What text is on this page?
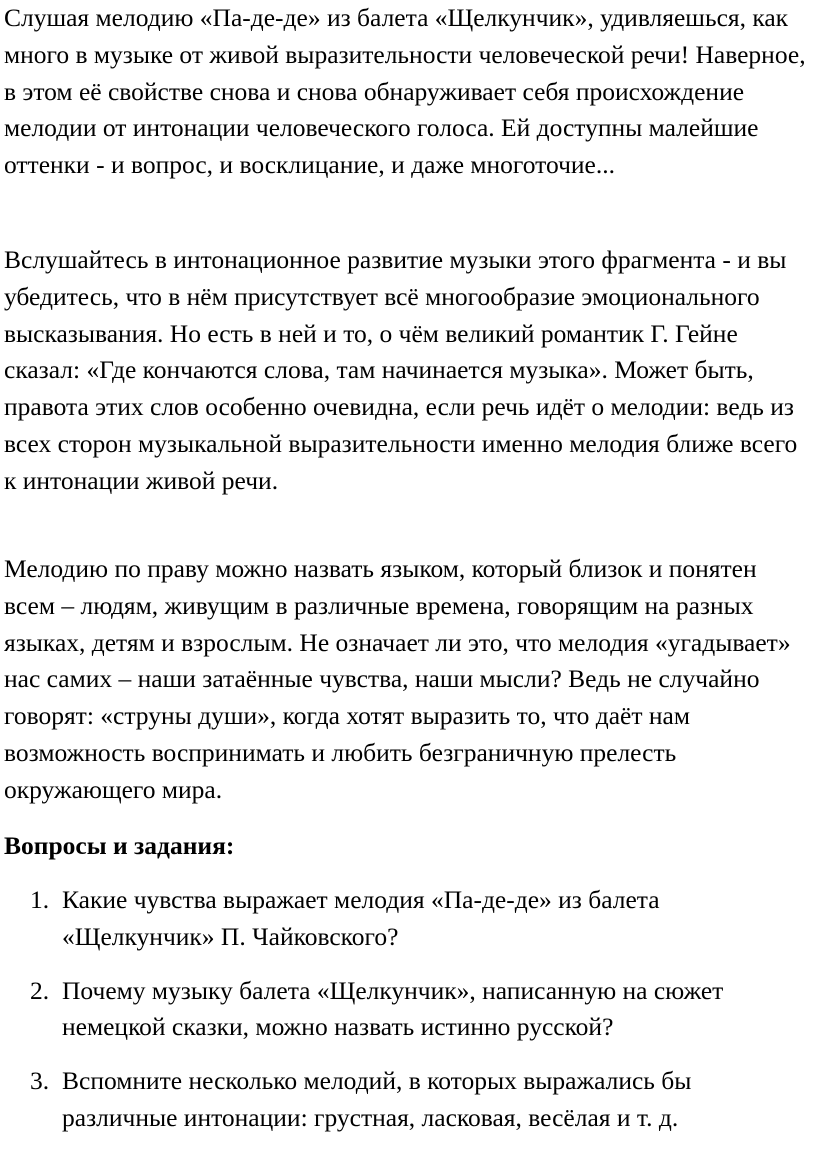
Слушая мелодию «Па-де-де» из балета «Щелкунчик», удивляешься, как много в музыке от живой выразительности человеческой речи! Наверное, в этом её свойстве снова и снова обнаруживает себя происхождение мелодии от интонации человеческого голоса. Ей доступны малейшие оттенки - и вопрос, и восклицание, и даже многоточие...

Вслушайтесь в интонационное развитие музыки этого фрагмента - и вы убедитесь, что в нём присутствует всё многообразие эмоционального высказывания. Но есть в ней и то, о чём великий романтик Г. Гейне сказал: «Где кончаются слова, там начинается музыка». Может быть, правота этих слов особенно очевидна, если речь идёт о мелодии: ведь из всех сторон музыкальной выразительности именно мелодия ближе всего к интонации живой речи.

Мелодию по праву можно назвать языком, который близок и понятен всем – людям, живущим в различные времена, говорящим на разных языках, детям и взрослым. Не означает ли это, что мелодия «угадывает» нас самих – наши затаённые чувства, наши мысли? Ведь не случайно говорят: «струны души», когда хотят выразить то, что даёт нам возможность воспринимать и любить безграничную прелесть окружающего мира.

Вопросы и задания:
1. Какие чувства выражает мелодия «Па-де-де» из балета «Щелкунчик» П. Чайковского?
2. Почему музыку балета «Щелкунчик», написанную на сюжет немецкой сказки, можно назвать истинно русской?
3. Вспомните несколько мелодий, в которых выражались бы различные интонации: грустная, ласковая, весёлая и т. д.
